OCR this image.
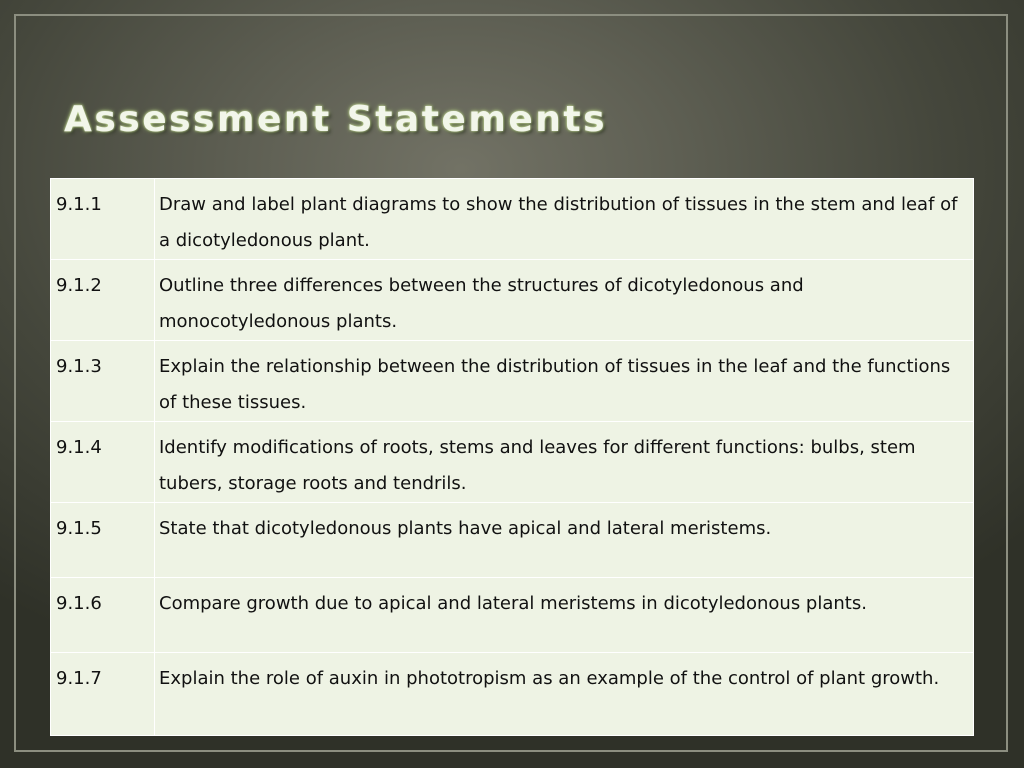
Assessment Statements
9.1.1	Draw and label plant diagrams to show the distribution of tissues in the stem and leaf of a dicotyledonous plant.
9.1.2	Outline three differences between the structures of dicotyledonous and monocotyledonous plants.
9.1.3	Explain the relationship between the distribution of tissues in the leaf and the functions of these tissues.
9.1.4	Identify modifications of roots, stems and leaves for different functions: bulbs, stem tubers, storage roots and tendrils.
9.1.5	State that dicotyledonous plants have apical and lateral meristems.
9.1.6	Compare growth due to apical and lateral meristems in dicotyledonous plants.
9.1.7	Explain the role of auxin in phototropism as an example of the control of plant growth.
